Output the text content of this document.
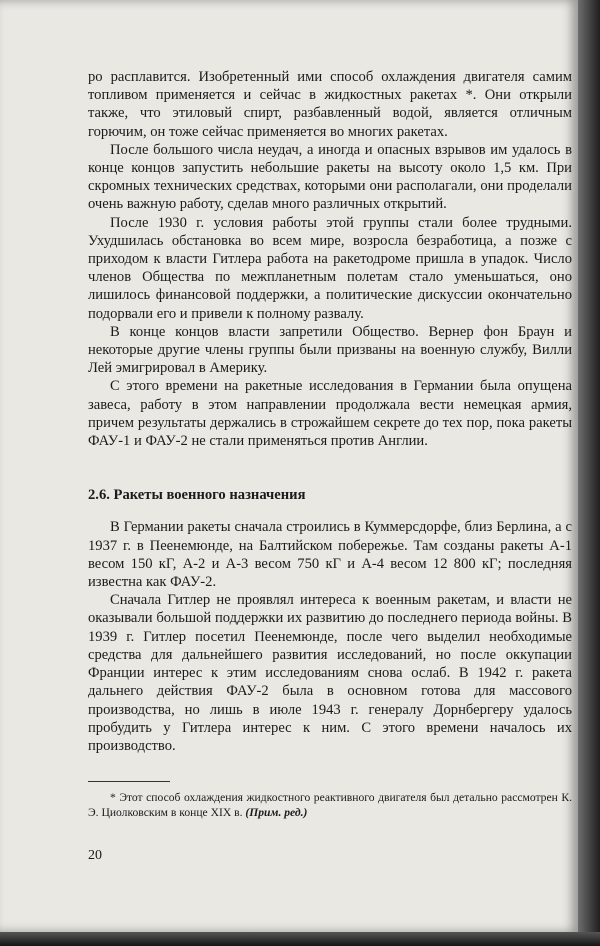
ро расплавится. Изобретенный ими способ охлаждения двигателя самим топливом применяется и сейчас в жидкостных ракетах *. Они открыли также, что этиловый спирт, разбавленный водой, является отличным горючим, он тоже сейчас применяется во многих ракетах.

После большого числа неудач, а иногда и опасных взрывов им удалось в конце концов запустить небольшие ракеты на высоту около 1,5 км. При скромных технических средствах, которыми они располагали, они проделали очень важную работу, сделав много различных открытий.

После 1930 г. условия работы этой группы стали более трудными. Ухудшилась обстановка во всем мире, возросла безработица, а позже с приходом к власти Гитлера работа на ракетодроме пришла в упадок. Число членов Общества по межпланетным полетам стало уменьшаться, оно лишилось финансовой поддержки, а политические дискуссии окончательно подорвали его и привели к полному развалу.

В конце концов власти запретили Общество. Вернер фон Браун и некоторые другие члены группы были призваны на военную службу, Вилли Лей эмигрировал в Америку.

С этого времени на ракетные исследования в Германии была опущена завеса, работу в этом направлении продолжала вести немецкая армия, причем результаты держались в строжайшем секрете до тех пор, пока ракеты ФАУ-1 и ФАУ-2 не стали применяться против Англии.

2.6. Ракеты военного назначения

В Германии ракеты сначала строились в Куммерсдорфе, близ Берлина, а с 1937 г. в Пеенемюнде, на Балтийском побережье. Там созданы ракеты А-1 весом 150 кГ, А-2 и А-3 весом 750 кГ и А-4 весом 12 800 кГ; последняя известна как ФАУ-2.

Сначала Гитлер не проявлял интереса к военным ракетам, и власти не оказывали большой поддержки их развитию до последнего периода войны. В 1939 г. Гитлер посетил Пеенемюнде, после чего выделил необходимые средства для дальнейшего развития исследований, но после оккупации Франции интерес к этим исследованиям снова ослаб. В 1942 г. ракета дальнего действия ФАУ-2 была в основном готова для массового производства, но лишь в июле 1943 г. генералу Дорнбергеру удалось пробудить у Гитлера интерес к ним. С этого времени началось их производство.

* Этот способ охлаждения жидкостного реактивного двигателя был детально рассмотрен К. Э. Циолковским в конце XIX в. (Прим. ред.)

20
